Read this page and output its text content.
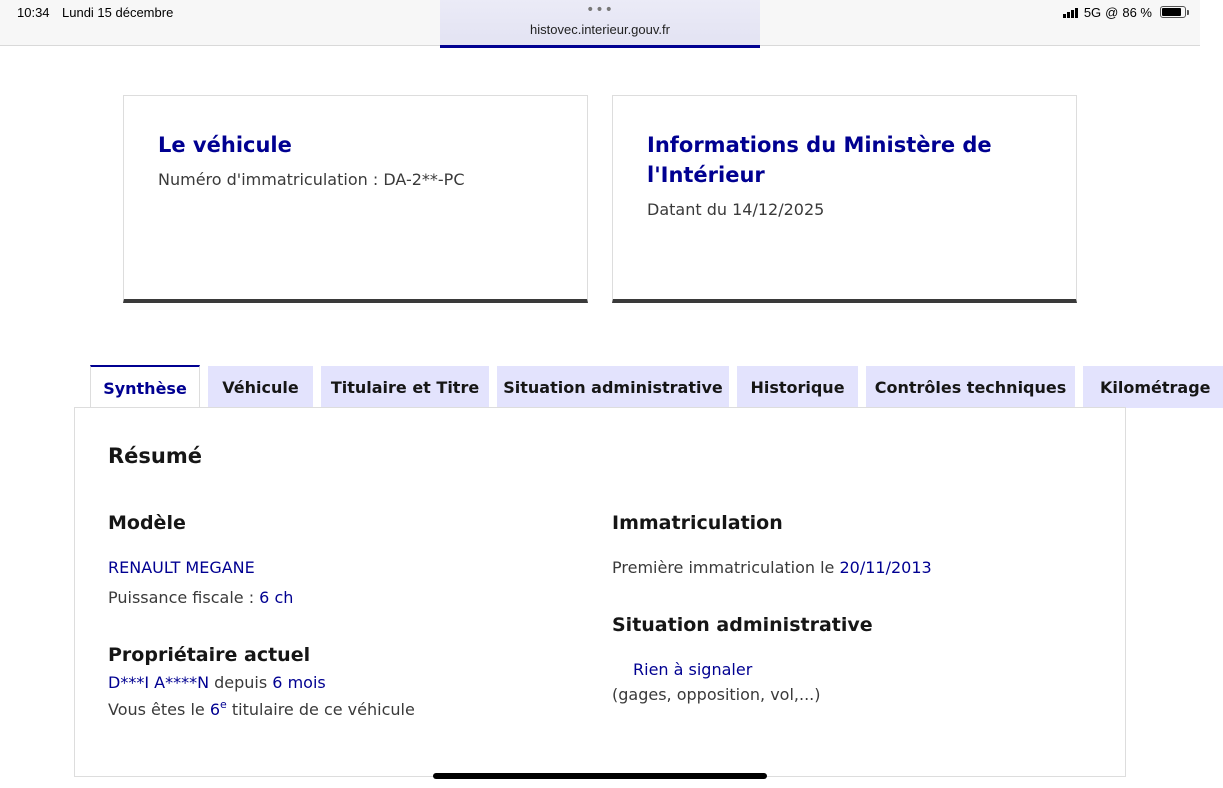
10:34 Lundi 15 décembre	5G @ 86 %
•••
histovec.interieur.gouv.fr
Le véhicule
Numéro d'immatriculation : DA-2**-PC
Informations du Ministère de l'Intérieur
Datant du 14/12/2025
Synthèse	Véhicule	Titulaire et Titre	Situation administrative	Historique	Contrôles techniques	Kilométrage
Résumé
Modèle
RENAULT MEGANE
Puissance fiscale : 6 ch
Propriétaire actuel
D***I A****N depuis 6 mois
Vous êtes le 6e titulaire de ce véhicule
Immatriculation
Première immatriculation le 20/11/2013
Situation administrative
Rien à signaler
(gages, opposition, vol,...)
